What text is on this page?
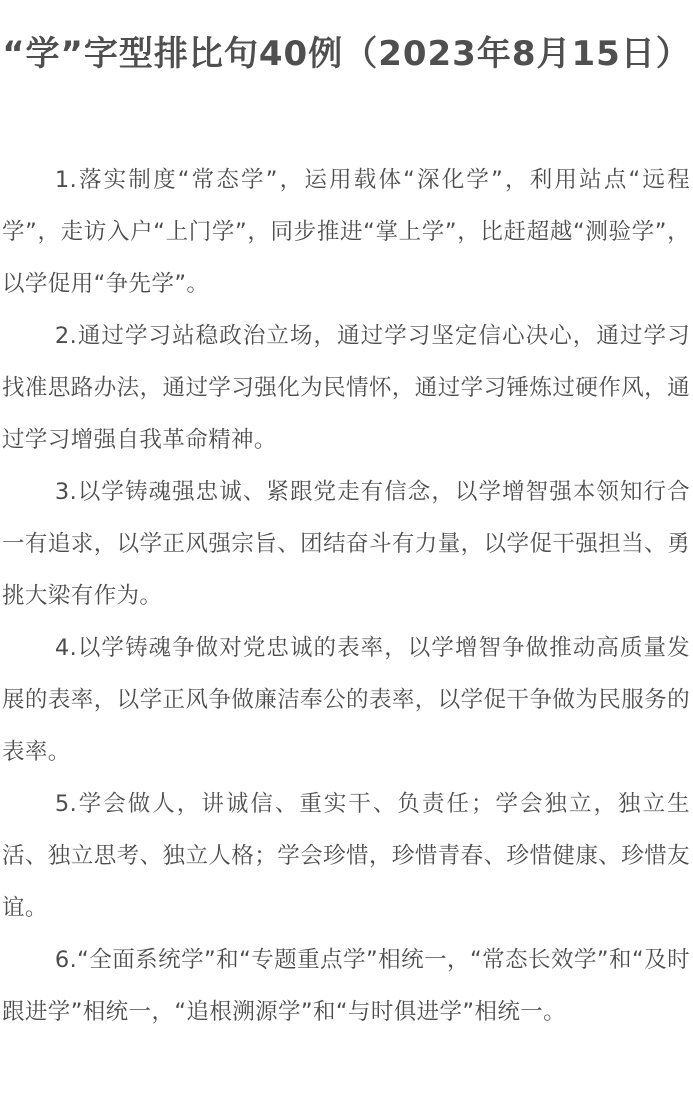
“学”字型排比句40例（2023年8月15日）

1.落实制度“常态学”，运用载体“深化学”，利用站点“远程学”，走访入户“上门学”，同步推进“掌上学”，比赶超越“测验学”，以学促用“争先学”。

2.通过学习站稳政治立场，通过学习坚定信心决心，通过学习找准思路办法，通过学习强化为民情怀，通过学习锤炼过硬作风，通过学习增强自我革命精神。

3.以学铸魂强忠诚、紧跟党走有信念，以学增智强本领知行合一有追求，以学正风强宗旨、团结奋斗有力量，以学促干强担当、勇挑大梁有作为。

4.以学铸魂争做对党忠诚的表率，以学增智争做推动高质量发展的表率，以学正风争做廉洁奉公的表率，以学促干争做为民服务的表率。

5.学会做人，讲诚信、重实干、负责任；学会独立，独立生活、独立思考、独立人格；学会珍惜，珍惜青春、珍惜健康、珍惜友谊。

6.“全面系统学”和“专题重点学”相统一，“常态长效学”和“及时跟进学”相统一，“追根溯源学”和“与时俱进学”相统一。
